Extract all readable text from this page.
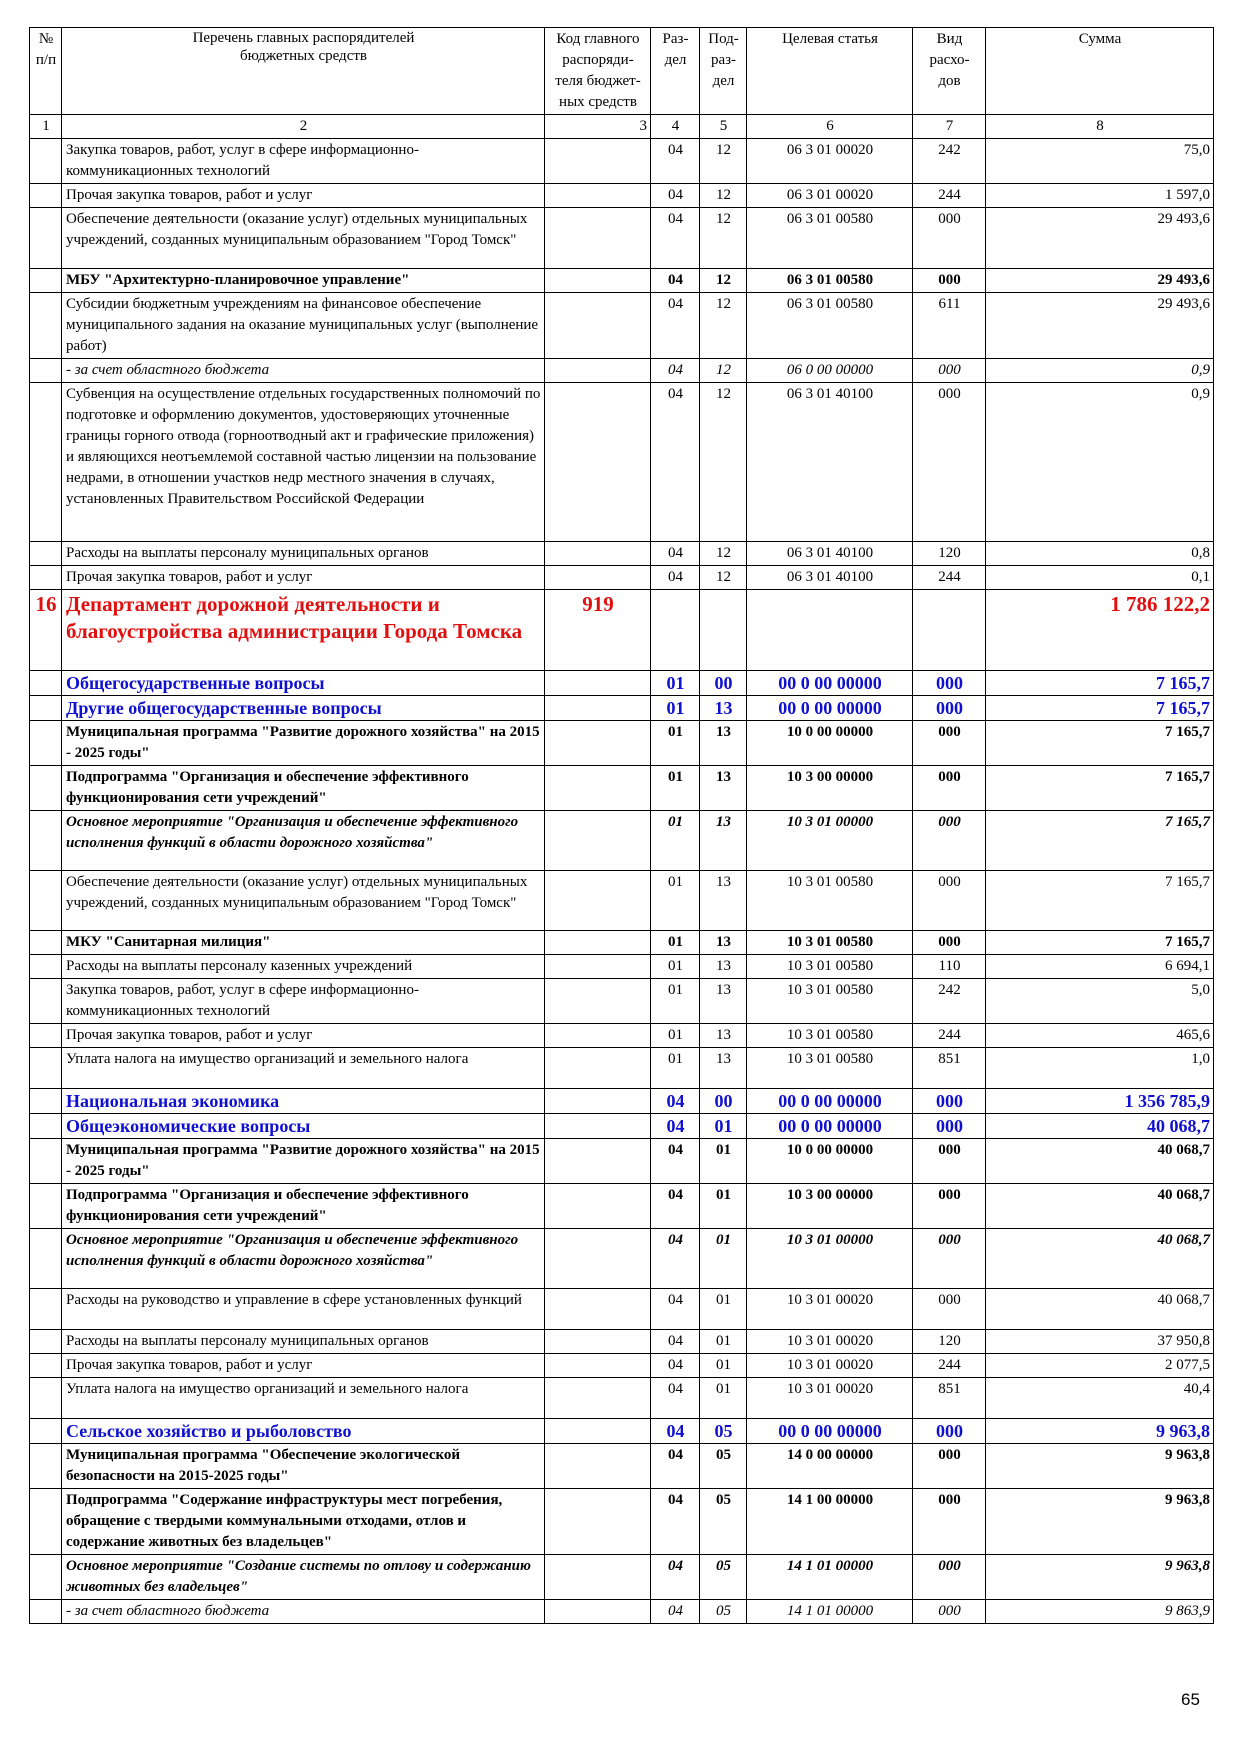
№
п/п	Перечень главных распорядителей
бюджетных средств	Код главного
распоряди-
теля бюджет-
ных средств	Раз-
дел	Под-
раз-
дел	Целевая статья	Вид расхо-
дов	Сумма
1	2	3	4	5	6	7	8
	Закупка товаров, работ, услуг в сфере информационно-коммуникационных технологий		04	12	06 3 01 00020	242	75,0
	Прочая закупка товаров, работ и услуг		04	12	06 3 01 00020	244	1 597,0
	Обеспечение деятельности (оказание услуг) отдельных муниципальных учреждений, созданных муниципальным образованием "Город Томск"		04	12	06 3 01 00580	000	29 493,6
	МБУ "Архитектурно-планировочное управление"		04	12	06 3 01 00580	000	29 493,6
	Субсидии бюджетным учреждениям на финансовое обеспечение муниципального задания на оказание муниципальных услуг (выполнение работ)		04	12	06 3 01 00580	611	29 493,6
	- за счет областного бюджета		04	12	06 0 00 00000	000	0,9
	Субвенция на осуществление отдельных государственных полномочий по подготовке и оформлению документов, удостоверяющих уточненные границы горного отвода (горноотводный акт и графические приложения) и являющихся неотъемлемой составной частью лицензии на пользование недрами, в отношении участков недр местного значения в случаях, установленных Правительством Российской Федерации		04	12	06 3 01 40100	000	0,9
	Расходы на выплаты персоналу муниципальных органов		04	12	06 3 01 40100	120	0,8
	Прочая закупка товаров, работ и услуг		04	12	06 3 01 40100	244	0,1
16	Департамент дорожной деятельности и благоустройства администрации Города Томска	919					1 786 122,2
	Общегосударственные вопросы		01	00	00 0 00 00000	000	7 165,7
	Другие общегосударственные вопросы		01	13	00 0 00 00000	000	7 165,7
	Муниципальная программа "Развитие дорожного хозяйства" на 2015 - 2025 годы"		01	13	10 0 00 00000	000	7 165,7
	Подпрограмма "Организация и обеспечение эффективного функционирования сети учреждений"		01	13	10 3 00 00000	000	7 165,7
	Основное мероприятие "Организация и обеспечение эффективного исполнения функций в области дорожного хозяйства"		01	13	10 3 01 00000	000	7 165,7
	Обеспечение деятельности (оказание услуг) отдельных муниципальных учреждений, созданных муниципальным образованием "Город Томск"		01	13	10 3 01 00580	000	7 165,7
	МКУ "Санитарная милиция"		01	13	10 3 01 00580	000	7 165,7
	Расходы на выплаты персоналу казенных учреждений		01	13	10 3 01 00580	110	6 694,1
	Закупка товаров, работ, услуг в сфере информационно-коммуникационных технологий		01	13	10 3 01 00580	242	5,0
	Прочая закупка товаров, работ и услуг		01	13	10 3 01 00580	244	465,6
	Уплата налога на имущество организаций и земельного налога		01	13	10 3 01 00580	851	1,0
	Национальная экономика		04	00	00 0 00 00000	000	1 356 785,9
	Общеэкономические вопросы		04	01	00 0 00 00000	000	40 068,7
	Муниципальная программа "Развитие дорожного хозяйства" на 2015 - 2025 годы"		04	01	10 0 00 00000	000	40 068,7
	Подпрограмма "Организация и обеспечение эффективного функционирования сети учреждений"		04	01	10 3 00 00000	000	40 068,7
	Основное мероприятие "Организация и обеспечение эффективного исполнения функций в области дорожного хозяйства"		04	01	10 3 01 00000	000	40 068,7
	Расходы на руководство и управление в сфере установленных функций		04	01	10 3 01 00020	000	40 068,7
	Расходы на выплаты персоналу муниципальных органов		04	01	10 3 01 00020	120	37 950,8
	Прочая закупка товаров, работ и услуг		04	01	10 3 01 00020	244	2 077,5
	Уплата налога на имущество организаций и земельного налога		04	01	10 3 01 00020	851	40,4
	Сельское хозяйство и рыболовство		04	05	00 0 00 00000	000	9 963,8
	Муниципальная программа "Обеспечение экологической безопасности на 2015-2025 годы"		04	05	14 0 00 00000	000	9 963,8
	Подпрограмма "Содержание инфраструктуры мест погребения, обращение с твердыми коммунальными отходами, отлов и содержание животных без владельцев"		04	05	14 1 00 00000	000	9 963,8
	Основное мероприятие "Создание системы по отлову и содержанию животных без владельцев"		04	05	14 1 01 00000	000	9 963,8
	- за счет областного бюджета		04	05	14 1 01 00000	000	9 863,9
65
